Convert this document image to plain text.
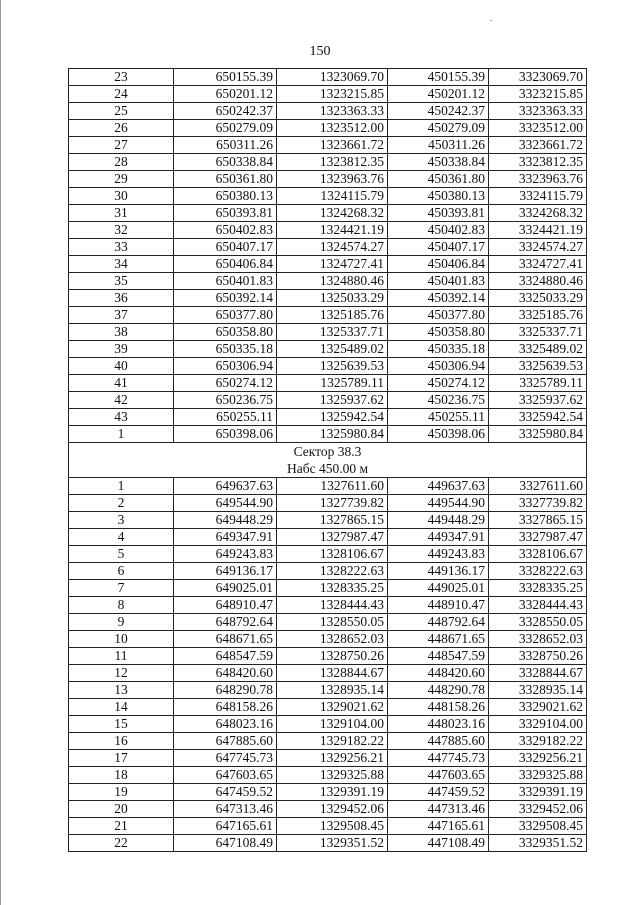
150
23	650155.39	1323069.70	450155.39	3323069.70
24	650201.12	1323215.85	450201.12	3323215.85
25	650242.37	1323363.33	450242.37	3323363.33
26	650279.09	1323512.00	450279.09	3323512.00
27	650311.26	1323661.72	450311.26	3323661.72
28	650338.84	1323812.35	450338.84	3323812.35
29	650361.80	1323963.76	450361.80	3323963.76
30	650380.13	1324115.79	450380.13	3324115.79
31	650393.81	1324268.32	450393.81	3324268.32
32	650402.83	1324421.19	450402.83	3324421.19
33	650407.17	1324574.27	450407.17	3324574.27
34	650406.84	1324727.41	450406.84	3324727.41
35	650401.83	1324880.46	450401.83	3324880.46
36	650392.14	1325033.29	450392.14	3325033.29
37	650377.80	1325185.76	450377.80	3325185.76
38	650358.80	1325337.71	450358.80	3325337.71
39	650335.18	1325489.02	450335.18	3325489.02
40	650306.94	1325639.53	450306.94	3325639.53
41	650274.12	1325789.11	450274.12	3325789.11
42	650236.75	1325937.62	450236.75	3325937.62
43	650255.11	1325942.54	450255.11	3325942.54
1	650398.06	1325980.84	450398.06	3325980.84

Сектор 38.3
Набс 450.00 м				

1	649637.63	1327611.60	449637.63	3327611.60
2	649544.90	1327739.82	449544.90	3327739.82
3	649448.29	1327865.15	449448.29	3327865.15
4	649347.91	1327987.47	449347.91	3327987.47
5	649243.83	1328106.67	449243.83	3328106.67
6	649136.17	1328222.63	449136.17	3328222.63
7	649025.01	1328335.25	449025.01	3328335.25
8	648910.47	1328444.43	448910.47	3328444.43
9	648792.64	1328550.05	448792.64	3328550.05
10	648671.65	1328652.03	448671.65	3328652.03
11	648547.59	1328750.26	448547.59	3328750.26
12	648420.60	1328844.67	448420.60	3328844.67
13	648290.78	1328935.14	448290.78	3328935.14
14	648158.26	1329021.62	448158.26	3329021.62
15	648023.16	1329104.00	448023.16	3329104.00
16	647885.60	1329182.22	447885.60	3329182.22
17	647745.73	1329256.21	447745.73	3329256.21
18	647603.65	1329325.88	447603.65	3329325.88
19	647459.52	1329391.19	447459.52	3329391.19
20	647313.46	1329452.06	447313.46	3329452.06
21	647165.61	1329508.45	447165.61	3329508.45
22	647108.49	1329351.52	447108.49	3329351.52
